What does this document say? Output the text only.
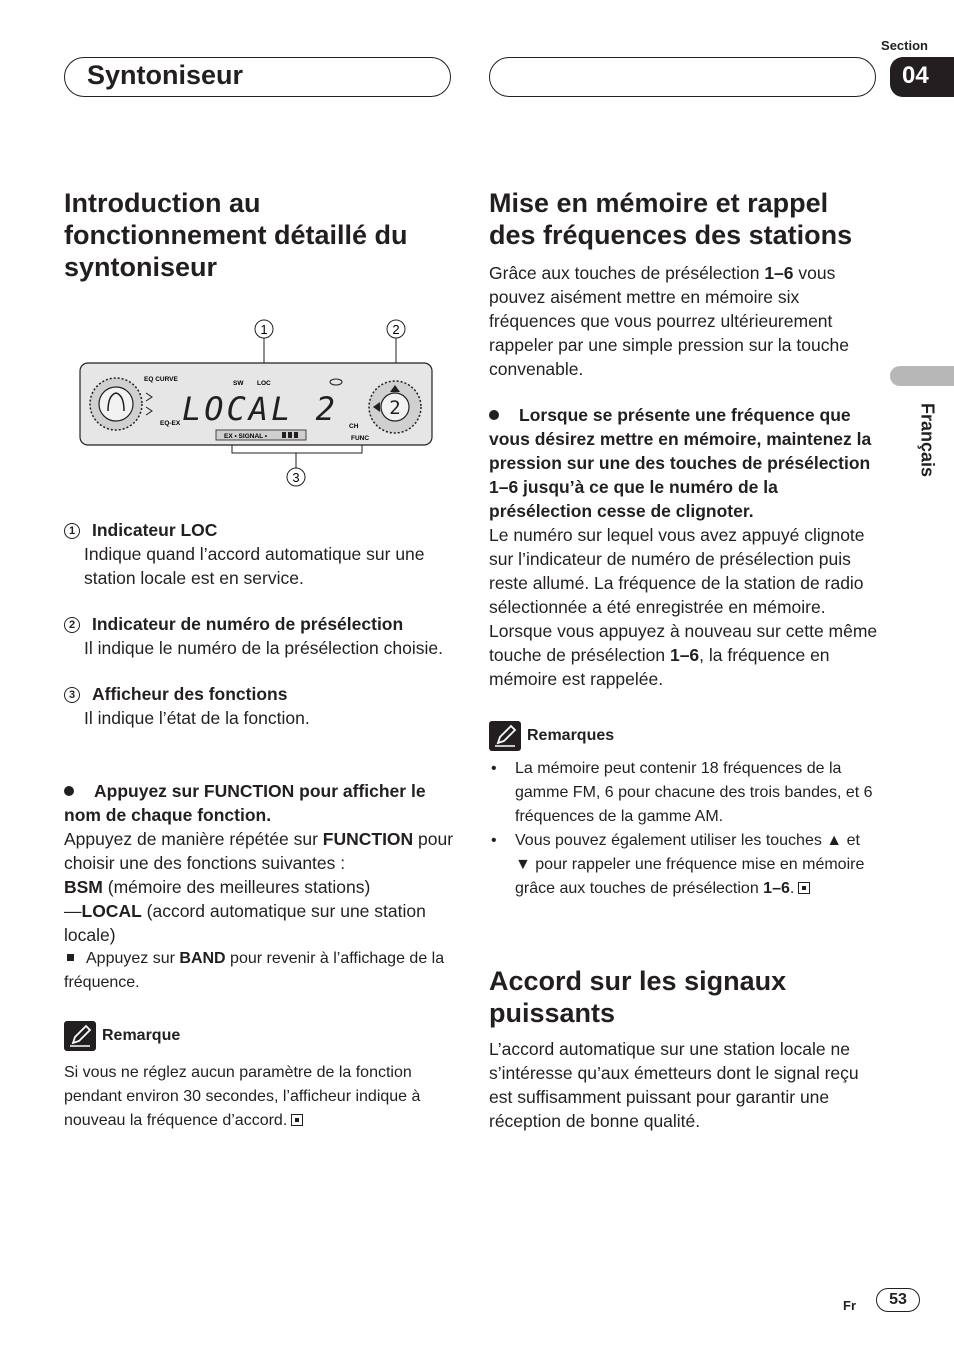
Syntoniseur
Section
04
Français
Introduction au fonctionnement détaillé du syntoniseur
1	2
3
2
EQ CURVE
SW LOC
EQ-EX	CH
FUNC
LOCAL 2
EX • SIGNAL •
1 Indicateur LOC
Indique quand l’accord automatique sur une station locale est en service.
2 Indicateur de numéro de présélection
Il indique le numéro de la présélection choisie.
3 Afficheur des fonctions
Il indique l’état de la fonction.
Appuyez sur FUNCTION pour afficher le nom de chaque fonction.
Appuyez de manière répétée sur FUNCTION pour choisir une des fonctions suivantes :
BSM (mémoire des meilleures stations)
—LOCAL (accord automatique sur une station locale)
Appuyez sur BAND pour revenir à l’affichage de la fréquence.
Remarque
Si vous ne réglez aucun paramètre de la fonction pendant environ 30 secondes, l’afficheur indique à nouveau la fréquence d’accord.
Mise en mémoire et rappel des fréquences des stations
Grâce aux touches de présélection 1–6 vous pouvez aisément mettre en mémoire six fréquences que vous pourrez ultérieurement rappeler par une simple pression sur la touche convenable.
Lorsque se présente une fréquence que vous désirez mettre en mémoire, maintenez la pression sur une des touches de présélection 1–6 jusqu’à ce que le numéro de la présélection cesse de clignoter.
Le numéro sur lequel vous avez appuyé clignote sur l’indicateur de numéro de présélection puis reste allumé. La fréquence de la station de radio sélectionnée a été enregistrée en mémoire.
Lorsque vous appuyez à nouveau sur cette même touche de présélection 1–6, la fréquence en mémoire est rappelée.
Remarques
• La mémoire peut contenir 18 fréquences de la gamme FM, 6 pour chacune des trois bandes, et 6 fréquences de la gamme AM.
• Vous pouvez également utiliser les touches ▲ et ▼ pour rappeler une fréquence mise en mémoire grâce aux touches de présélection 1–6.
Accord sur les signaux puissants
L’accord automatique sur une station locale ne s’intéresse qu’aux émetteurs dont le signal reçu est suffisamment puissant pour garantir une réception de bonne qualité.
Fr	53
